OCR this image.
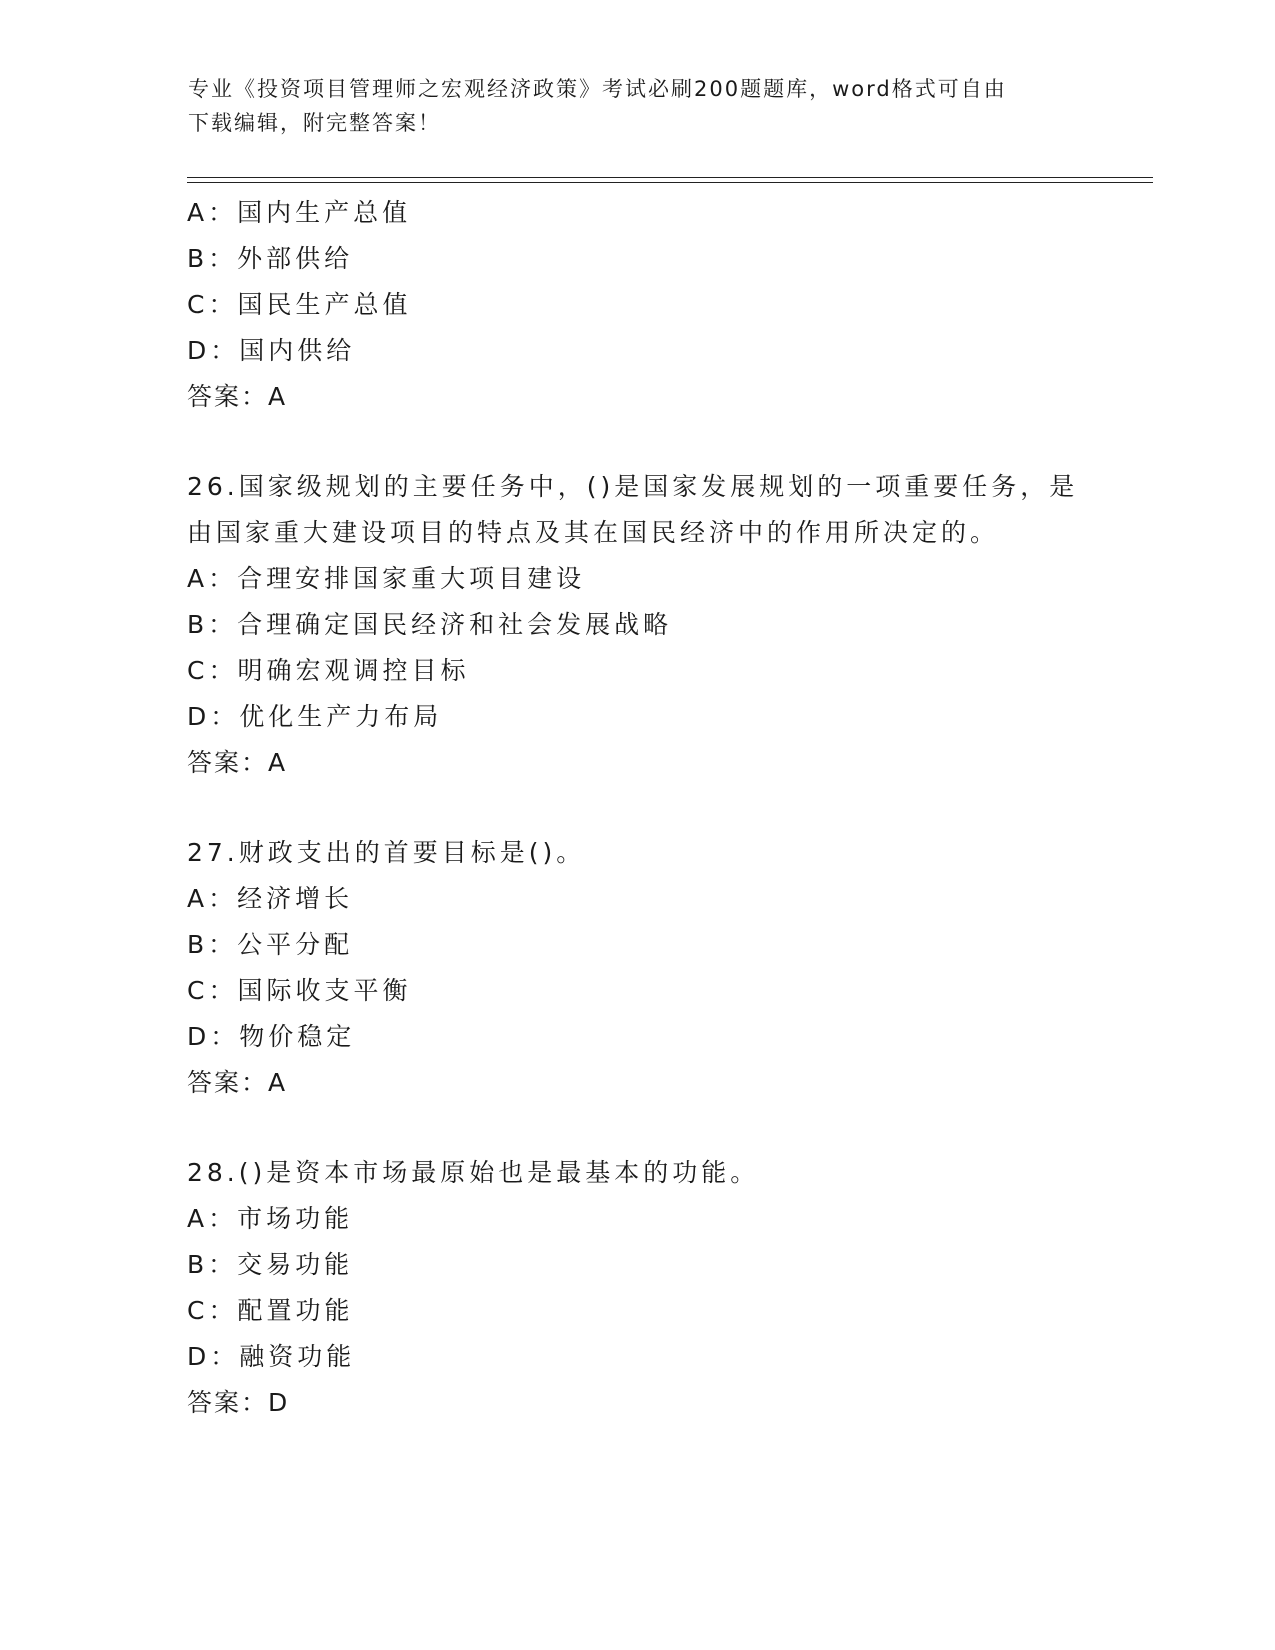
专业《投资项目管理师之宏观经济政策》考试必刷200题题库，word格式可自由
下载编辑，附完整答案！
A：国内生产总值
B：外部供给
C：国民生产总值
D：国内供给
答案：A
26.国家级规划的主要任务中，()是国家发展规划的一项重要任务，是
由国家重大建设项目的特点及其在国民经济中的作用所决定的。
A：合理安排国家重大项目建设
B：合理确定国民经济和社会发展战略
C：明确宏观调控目标
D：优化生产力布局
答案：A
27.财政支出的首要目标是()。
A：经济增长
B：公平分配
C：国际收支平衡
D：物价稳定
答案：A
28.()是资本市场最原始也是最基本的功能。
A：市场功能
B：交易功能
C：配置功能
D：融资功能
答案：D
